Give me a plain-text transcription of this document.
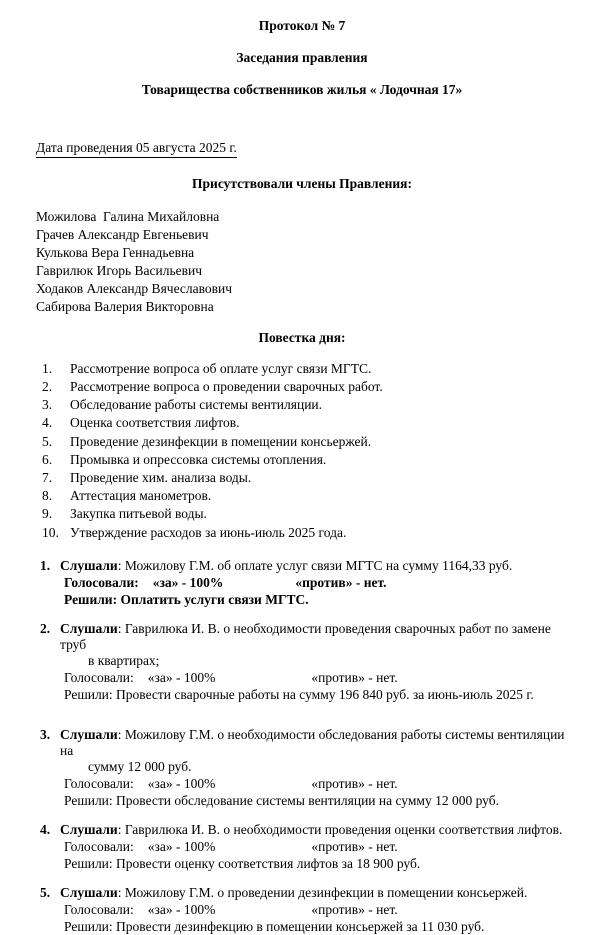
Протокол № 7
Заседания правления
Товарищества собственников жилья « Лодочная 17»
Дата проведения 05 августа 2025 г.
Присутствовали члены Правления:
Можилова  Галина Михайловна
Грачев Александр Евгеньевич
Кулькова Вера Геннадьевна
Гаврилюк Игорь Васильевич
Ходаков Александр Вячеславович
Сабирова Валерия Викторовна
Повестка дня:
1.	Рассмотрение вопроса об оплате услуг связи МГТС.
2.	Рассмотрение вопроса о проведении сварочных работ.
3.	Обследование работы системы вентиляции.
4.	Оценка соответствия лифтов.
5.	Проведение дезинфекции в помещении консьержей.
6.	Промывка и опрессовка системы отопления.
7.	Проведение хим. анализа воды.
8.	Аттестация манометров.
9.	Закупка питьевой воды.
10. Утверждение расходов за июнь-июль 2025 года.
1. Слушали: Можилову Г.М. об оплате услуг связи МГТС на сумму 1164,33 руб.
Голосовали: «за» - 100%	«против» - нет.
Решили: Оплатить услуги связи МГТС.
2. Слушали: Гаврилюка И. В. о необходимости проведения сварочных работ по замене труб
в квартирах;
Голосовали: «за» - 100%	«против» - нет.
Решили: Провести сварочные работы на сумму 196 840 руб. за июнь-июль 2025 г.
3. Слушали: Можилову Г.М. о необходимости обследования работы системы вентиляции на
сумму 12 000 руб.
Голосовали: «за» - 100%	«против» - нет.
Решили: Провести обследование системы вентиляции на сумму 12 000 руб.
4. Слушали: Гаврилюка И. В. о необходимости проведения оценки соответствия лифтов.
Голосовали: «за» - 100%	«против» - нет.
Решили: Провести оценку соответствия лифтов за 18 900 руб.
5. Слушали: Можилову Г.М. о проведении дезинфекции в помещении консьержей.
Голосовали: «за» - 100%	«против» - нет.
Решили: Провести дезинфекцию в помещении консьержей за 11 030 руб.
